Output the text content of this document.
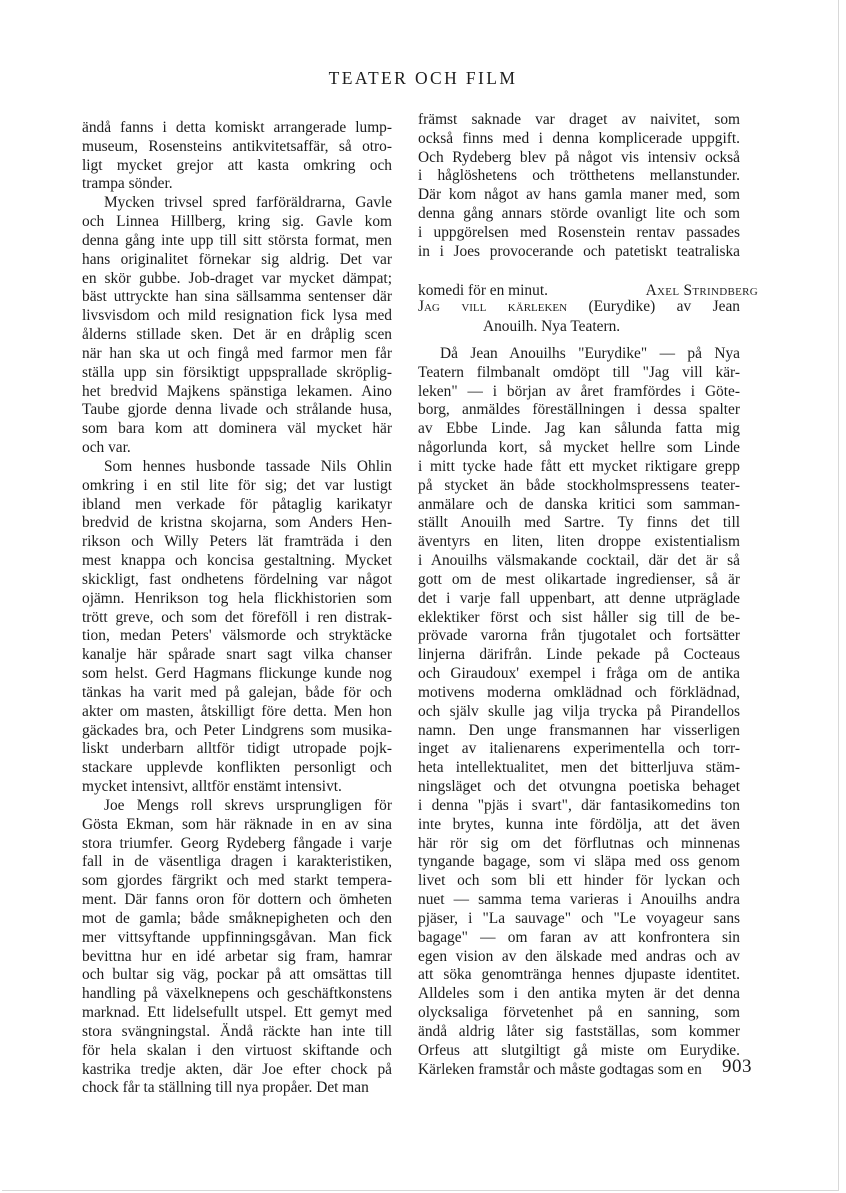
TEATER OCH FILM
ändå fanns i detta komiskt arrangerade lump-
museum, Rosensteins antikvitetsaffär, så otro-
ligt mycket grejor att kasta omkring och
trampa sönder.
Mycken trivsel spred farföräldrarna, Gavle
och Linnea Hillberg, kring sig. Gavle kom
denna gång inte upp till sitt största format, men
hans originalitet förnekar sig aldrig. Det var
en skör gubbe. Job-draget var mycket dämpat;
bäst uttryckte han sina sällsamma sentenser där
livsvisdom och mild resignation fick lysa med
ålderns stillade sken. Det är en dråplig scen
när han ska ut och fingå med farmor men får
ställa upp sin försiktigt uppsprallade skröplig-
het bredvid Majkens spänstiga lekamen. Aino
Taube gjorde denna livade och strålande husa,
som bara kom att dominera väl mycket här
och var.
Som hennes husbonde tassade Nils Ohlin
omkring i en stil lite för sig; det var lustigt
ibland men verkade för påtaglig karikatyr
bredvid de kristna skojarna, som Anders Hen-
rikson och Willy Peters lät framträda i den
mest knappa och koncisa gestaltning. Mycket
skickligt, fast ondhetens fördelning var något
ojämn. Henrikson tog hela flickhistorien som
trött greve, och som det föreföll i ren distrak-
tion, medan Peters' välsmorde och stryktäcke
kanalje här spårade snart sagt vilka chanser
som helst. Gerd Hagmans flickunge kunde nog
tänkas ha varit med på galejan, både för och
akter om masten, åtskilligt före detta. Men hon
gäckades bra, och Peter Lindgrens som musika-
liskt underbarn alltför tidigt utropade pojk-
stackare upplevde konflikten personligt och
mycket intensivt, alltför enstämt intensivt.
Joe Mengs roll skrevs ursprungligen för
Gösta Ekman, som här räknade in en av sina
stora triumfer. Georg Rydeberg fångade i varje
fall in de väsentliga dragen i karakteristiken,
som gjordes färgrikt och med starkt tempera-
ment. Där fanns oron för dottern och ömheten
mot de gamla; både småknepigheten och den
mer vittsyftande uppfinningsgåvan. Man fick
bevittna hur en idé arbetar sig fram, hamrar
och bultar sig väg, pockar på att omsättas till
handling på växelknepens och geschäftkonstens
marknad. Ett lidelsefullt utspel. Ett gemyt med
stora svängningstal. Ändå räckte han inte till
för hela skalan i den virtuost skiftande och
kastrika tredje akten, där Joe efter chock på
chock får ta ställning till nya propåer. Det man
främst saknade var draget av naivitet, som
också finns med i denna komplicerade uppgift.
Och Rydeberg blev på något vis intensiv också
i håglöshetens och trötthetens mellanstunder.
Där kom något av hans gamla maner med, som
denna gång annars störde ovanligt lite och som
i uppgörelsen med Rosenstein rentav passades
in i Joes provocerande och patetiskt teatraliska
Då Jean Anouilhs "Eurydike" — på Nya
Teatern filmbanalt omdöpt till "Jag vill kär-
leken" — i början av året framfördes i Göte-
borg, anmäldes föreställningen i dessa spalter
av Ebbe Linde. Jag kan sålunda fatta mig
någorlunda kort, så mycket hellre som Linde
i mitt tycke hade fått ett mycket riktigare grepp
på stycket än både stockholmspressens teater-
anmälare och de danska kritici som samman-
ställt Anouilh med Sartre. Ty finns det till
äventyrs en liten, liten droppe existentialism
i Anouilhs välsmakande cocktail, där det är så
gott om de mest olikartade ingredienser, så är
det i varje fall uppenbart, att denne utpräglade
eklektiker först och sist håller sig till de be-
prövade varorna från tjugotalet och fortsätter
linjerna därifrån. Linde pekade på Cocteaus
och Giraudoux' exempel i fråga om de antika
motivens moderna omklädnad och förklädnad,
och själv skulle jag vilja trycka på Pirandellos
namn. Den unge fransmannen har visserligen
inget av italienarens experimentella och torr-
heta intellektualitet, men det bitterljuva stäm-
ningsläget och det otvungna poetiska behaget
i denna "pjäs i svart", där fantasikomedins ton
inte brytes, kunna inte fördölja, att det även
här rör sig om det förflutnas och minnenas
tyngande bagage, som vi släpa med oss genom
livet och som bli ett hinder för lyckan och
nuet — samma tema varieras i Anouilhs andra
pjäser, i "La sauvage" och "Le voyageur sans
bagage" — om faran av att konfrontera sin
egen vision av den älskade med andras och av
att söka genomtränga hennes djupaste identitet.
Alldeles som i den antika myten är det denna
olycksaliga förvetenhet på en sanning, som
ändå aldrig låter sig fastställas, som kommer
Orfeus att slutgiltigt gå miste om Eurydike.
Kärleken framstår och måste godtagas som en
komedi för en minut.	Axel Strindberg
Jag vill kärleken (Eurydike) av Jean
Anouilh. Nya Teatern.
903
